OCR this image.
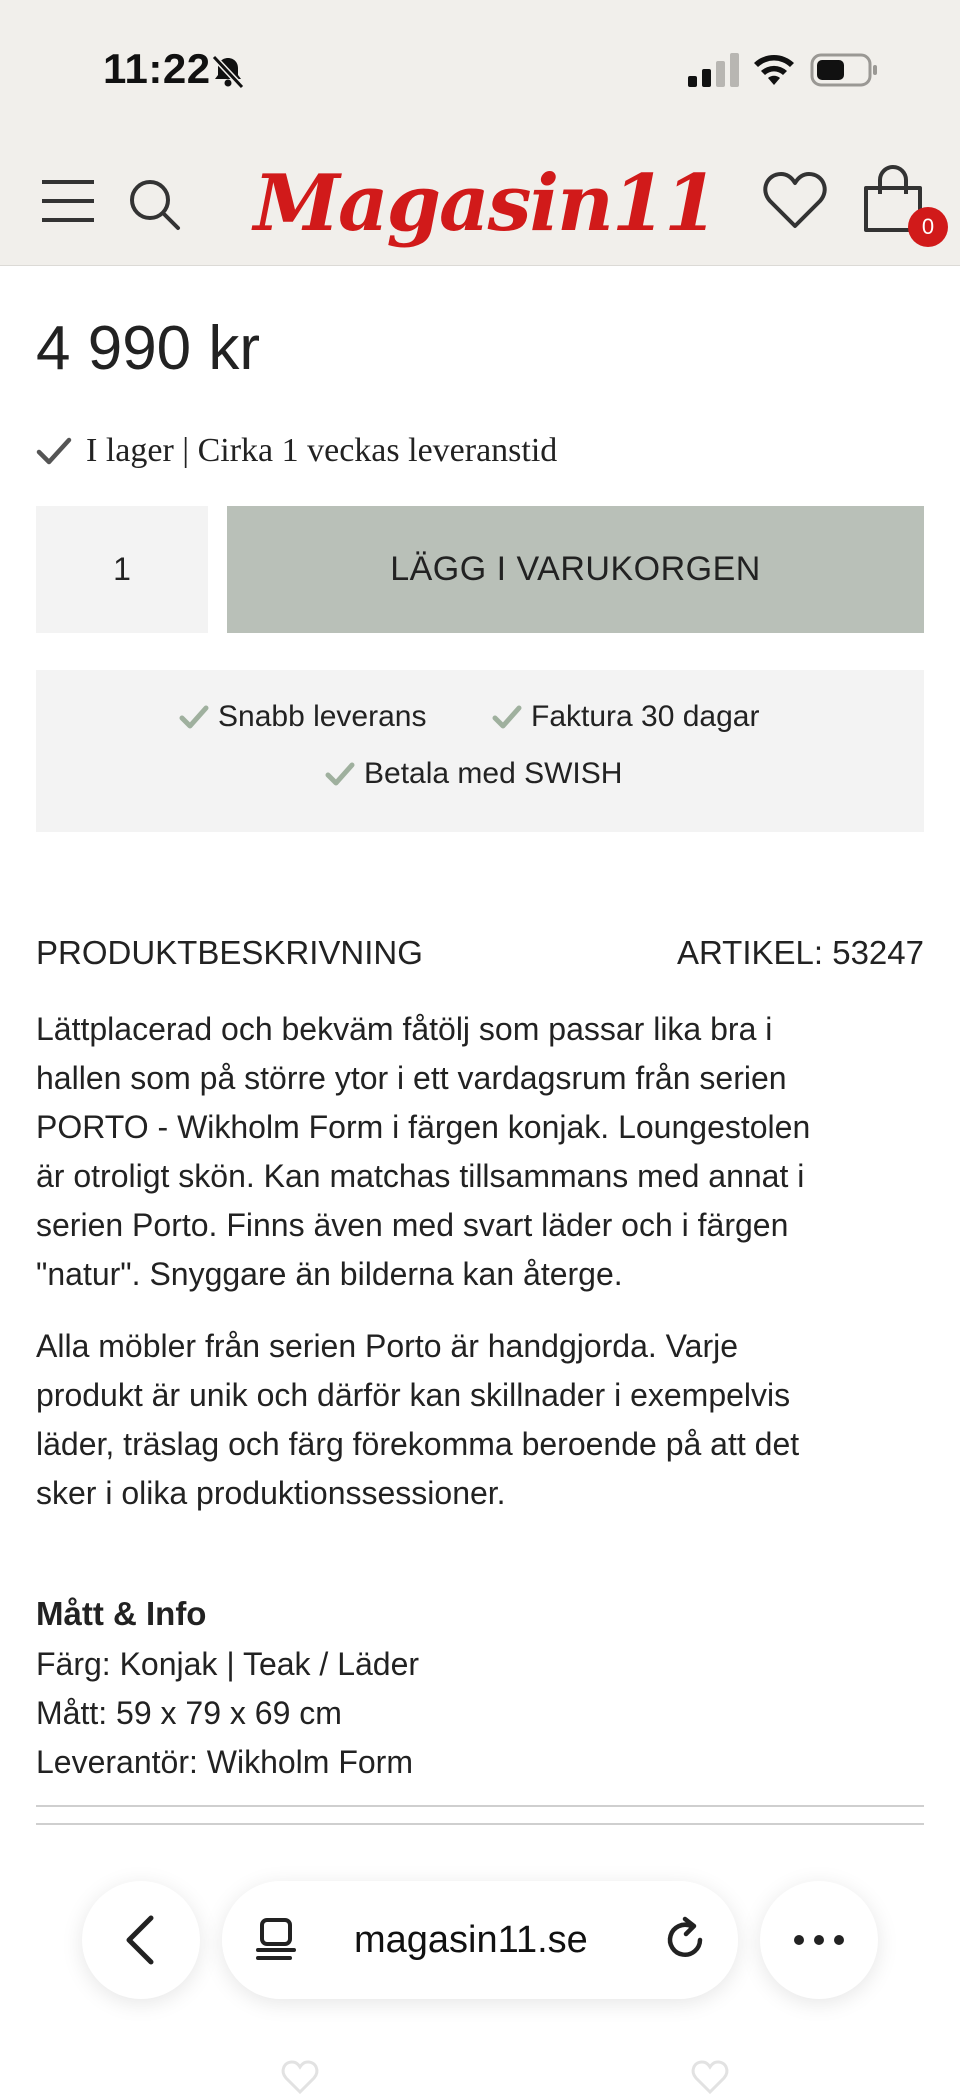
11:22
Magasin11	0
4 990 kr
I lager | Cirka 1 veckas leveranstid
1	LÄGG I VARUKORGEN
Snabb leverans	Faktura 30 dagar
Betala med SWISH
PRODUKTBESKRIVNING	ARTIKEL: 53247
Lättplacerad och bekväm fåtölj som passar lika bra i
hallen som på större ytor i ett vardagsrum från serien
PORTO - Wikholm Form i färgen konjak. Loungestolen
är otroligt skön. Kan matchas tillsammans med annat i
serien Porto. Finns även med svart läder och i färgen
"natur". Snyggare än bilderna kan återge.
Alla möbler från serien Porto är handgjorda. Varje
produkt är unik och därför kan skillnader i exempelvis
läder, träslag och färg förekomma beroende på att det
sker i olika produktionssessioner.
Mått & Info
Färg: Konjak | Teak / Läder
Mått: 59 x 79 x 69 cm
Leverantör: Wikholm Form
magasin11.se
